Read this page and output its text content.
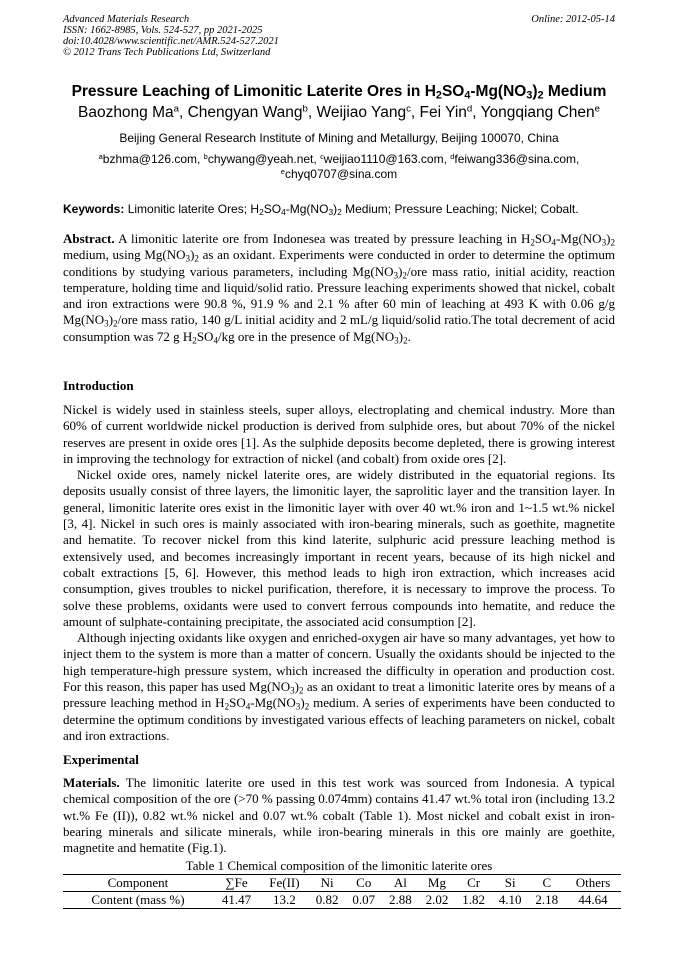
Advanced Materials Research
ISSN: 1662-8985, Vols. 524-527, pp 2021-2025
doi:10.4028/www.scientific.net/AMR.524-527.2021
© 2012 Trans Tech Publications Ltd, Switzerland
Online: 2012-05-14
Pressure Leaching of Limonitic Laterite Ores in $H_2SO_4-Mg(NO_3)_2$ Medium
Baozhong Ma$^a$, Chengyan Wang$^b$, Weijiao Yang$^c$, Fei Yin$^d$, Yongqiang Chen$^e$
Beijing General Research Institute of Mining and Metallurgy, Beijing 100070, China
$^a$bzhma@126.com, $^b$chywang@yeah.net, $^c$weijiao1110@163.com, $^d$feiwang336@sina.com,
$^e$chyq0707@sina.com
Keywords: Limonitic laterite Ores; $H_2SO_4-Mg(NO_3)_2$ Medium; Pressure Leaching; Nickel; Cobalt.
Abstract. A limonitic laterite ore from Indonesea was treated by pressure leaching in $H_2SO_4-Mg(NO_3)_2$ medium, using $Mg(NO_3)_2$ as an oxidant. Experiments were conducted in order to determine the optimum conditions by studying various parameters, including $Mg(NO_3)_2$/ore mass ratio, initial acidity, reaction temperature, holding time and liquid/solid ratio. Pressure leaching experiments showed that nickel, cobalt and iron extractions were 90.8 %, 91.9 % and 2.1 % after 60 min of leaching at 493 K with 0.06 g/g $Mg(NO_3)_2$/ore mass ratio, 140 g/L initial acidity and 2 mL/g liquid/solid ratio.The total decrement of acid consumption was 72 g $H_2SO_4/kg$ ore in the presence of $Mg(NO_3)_2$.
Introduction
Nickel is widely used in stainless steels, super alloys, electroplating and chemical industry. More than 60% of current worldwide nickel production is derived from sulphide ores, but about 70% of the nickel reserves are present in oxide ores [1]. As the sulphide deposits become depleted, there is growing interest in improving the technology for extraction of nickel (and cobalt) from oxide ores [2].
Nickel oxide ores, namely nickel laterite ores, are widely distributed in the equatorial regions. Its deposits usually consist of three layers, the limonitic layer, the saprolitic layer and the transition layer. In general, limonitic laterite ores exist in the limonitic layer with over 40 wt.% iron and 1~1.5 wt.% nickel [3, 4]. Nickel in such ores is mainly associated with iron-bearing minerals, such as goethite, magnetite and hematite. To recover nickel from this kind laterite, sulphuric acid pressure leaching method is extensively used, and becomes increasingly important in recent years, because of its high nickel and cobalt extractions [5, 6]. However, this method leads to high iron extraction, which increases acid consumption, gives troubles to nickel purification, therefore, it is necessary to improve the process. To solve these problems, oxidants were used to convert ferrous compounds into hematite, and reduce the amount of sulphate-containing precipitate, the associated acid consumption [2].
Although injecting oxidants like oxygen and enriched-oxygen air have so many advantages, yet how to inject them to the system is more than a matter of concern. Usually the oxidants should be injected to the high temperature-high pressure system, which increased the difficulty in operation and production cost. For this reason, this paper has used $Mg(NO_3)_2$ as an oxidant to treat a limonitic laterite ores by means of a pressure leaching method in $H_2SO_4-Mg(NO_3)_2$ medium. A series of experiments have been conducted to determine the optimum conditions by investigated various effects of leaching parameters on nickel, cobalt and iron extractions.
Experimental
Materials. The limonitic laterite ore used in this test work was sourced from Indonesia. A typical chemical composition of the ore (>70 % passing 0.074mm) contains 41.47 wt.% total iron (including 13.2 wt.% Fe (II)), 0.82 wt.% nickel and 0.07 wt.% cobalt (Table 1). Most nickel and cobalt exist in iron-bearing minerals and silicate minerals, while iron-bearing minerals in this ore mainly are goethite, magnetite and hematite (Fig.1).
Table 1 Chemical composition of the limonitic laterite ores
Component	∑Fe	Fe(II)	Ni	Co	Al	Mg	Cr	Si	C	Others
Content (mass %)	41.47	13.2	0.82	0.07	2.88	2.02	1.82	4.10	2.18	44.64
